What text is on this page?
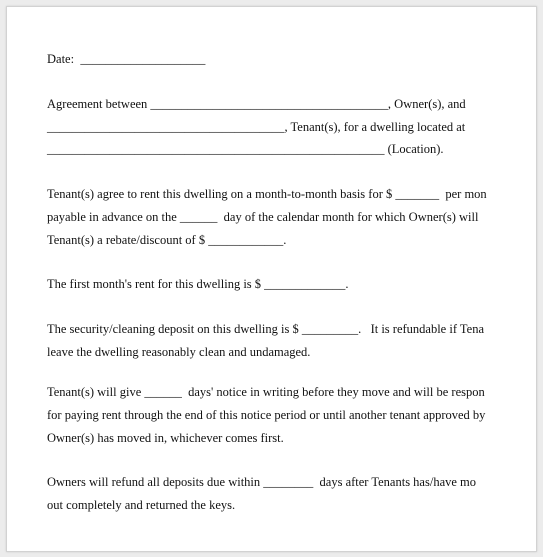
Date:  ____________________
Agreement between ______________________________________, Owner(s), and
______________________________________, Tenant(s), for a dwelling located at
______________________________________________________ (Location).
Tenant(s) agree to rent this dwelling on a month-to-month basis for $ _______  per mon
payable in advance on the ______  day of the calendar month for which Owner(s) will
Tenant(s) a rebate/discount of $ ____________.
The first month's rent for this dwelling is $ _____________.
The security/cleaning deposit on this dwelling is $ _________.   It is refundable if Tena
leave the dwelling reasonably clean and undamaged.
Tenant(s) will give ______  days' notice in writing before they move and will be respon
for paying rent through the end of this notice period or until another tenant approved by
Owner(s) has moved in, whichever comes first.
Owners will refund all deposits due within ________  days after Tenants has/have mo
out completely and returned the keys.
